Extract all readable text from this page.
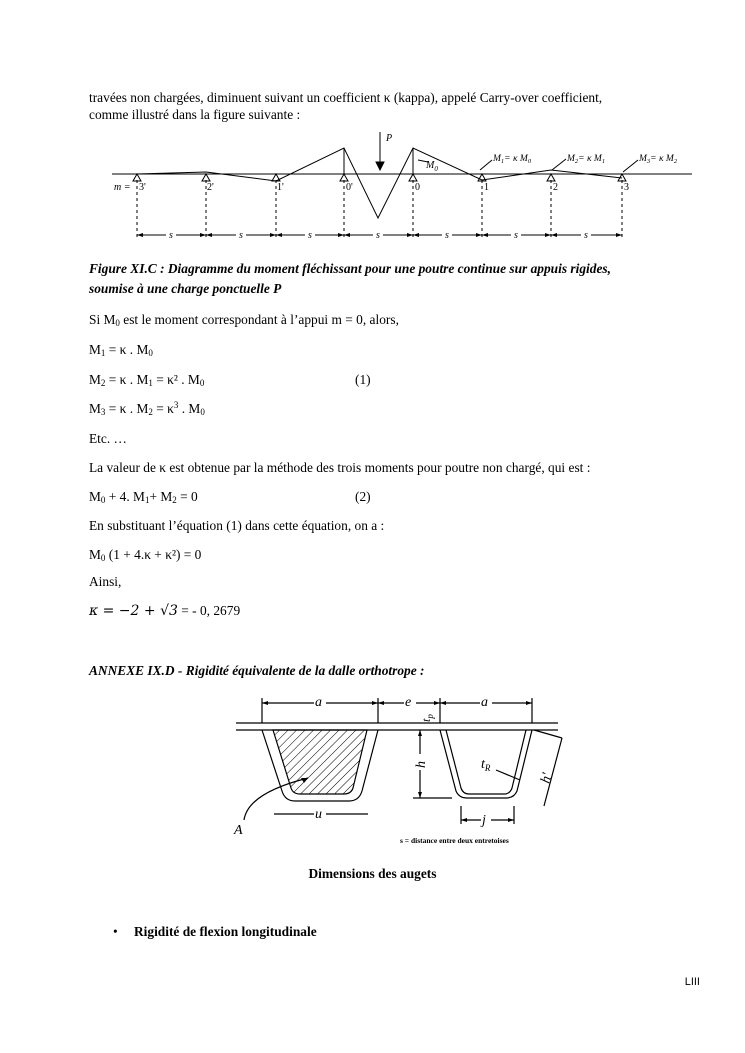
travées non chargées, diminuent suivant un coefficient κ (kappa), appelé Carry-over coefficient,
comme illustré dans la figure suivante :
P
$M_0$
m = 3'	2'	1'	0'	0	1	2	3
s	s	s	s	s	s	s
$M_1= \kappa$ $M_0$	$M_2= \kappa$ $M_1$	$M_3= \kappa$ $M_2$
Figure XI.C : Diagramme du moment fléchissant pour une poutre continue sur appuis rigides,
soumise à une charge ponctuelle P
Si $M_0$ est le moment correspondant à l’appui m = 0, alors,
$M_1 = \kappa$ . $M_0$
$M_2 = \kappa$ . $M_1 = \kappa^2$ . $M_0$	(1)
$M_3 = \kappa$ . $M_2 = \kappa^3$ . $M_0$
Etc. …
La valeur de κ est obtenue par la méthode des trois moments pour poutre non chargé, qui est :
$M_0 + 4$. $M_1+ M_2 = 0$	(2)
En substituant l’équation (1) dans cette équation, on a :
$M_0$ (1 + 4.κ + κ²) = 0
Ainsi,
κ = −2 + √3 = - 0, 2679
ANNEXE IX.D - Rigidité équivalente de la dalle orthotrope :
a	e	a
$t_p$
h
h'
$t_R$
u	j
A
s = distance entre deux entretoises
Dimensions des augets
• Rigidité de flexion longitudinale
LIII
